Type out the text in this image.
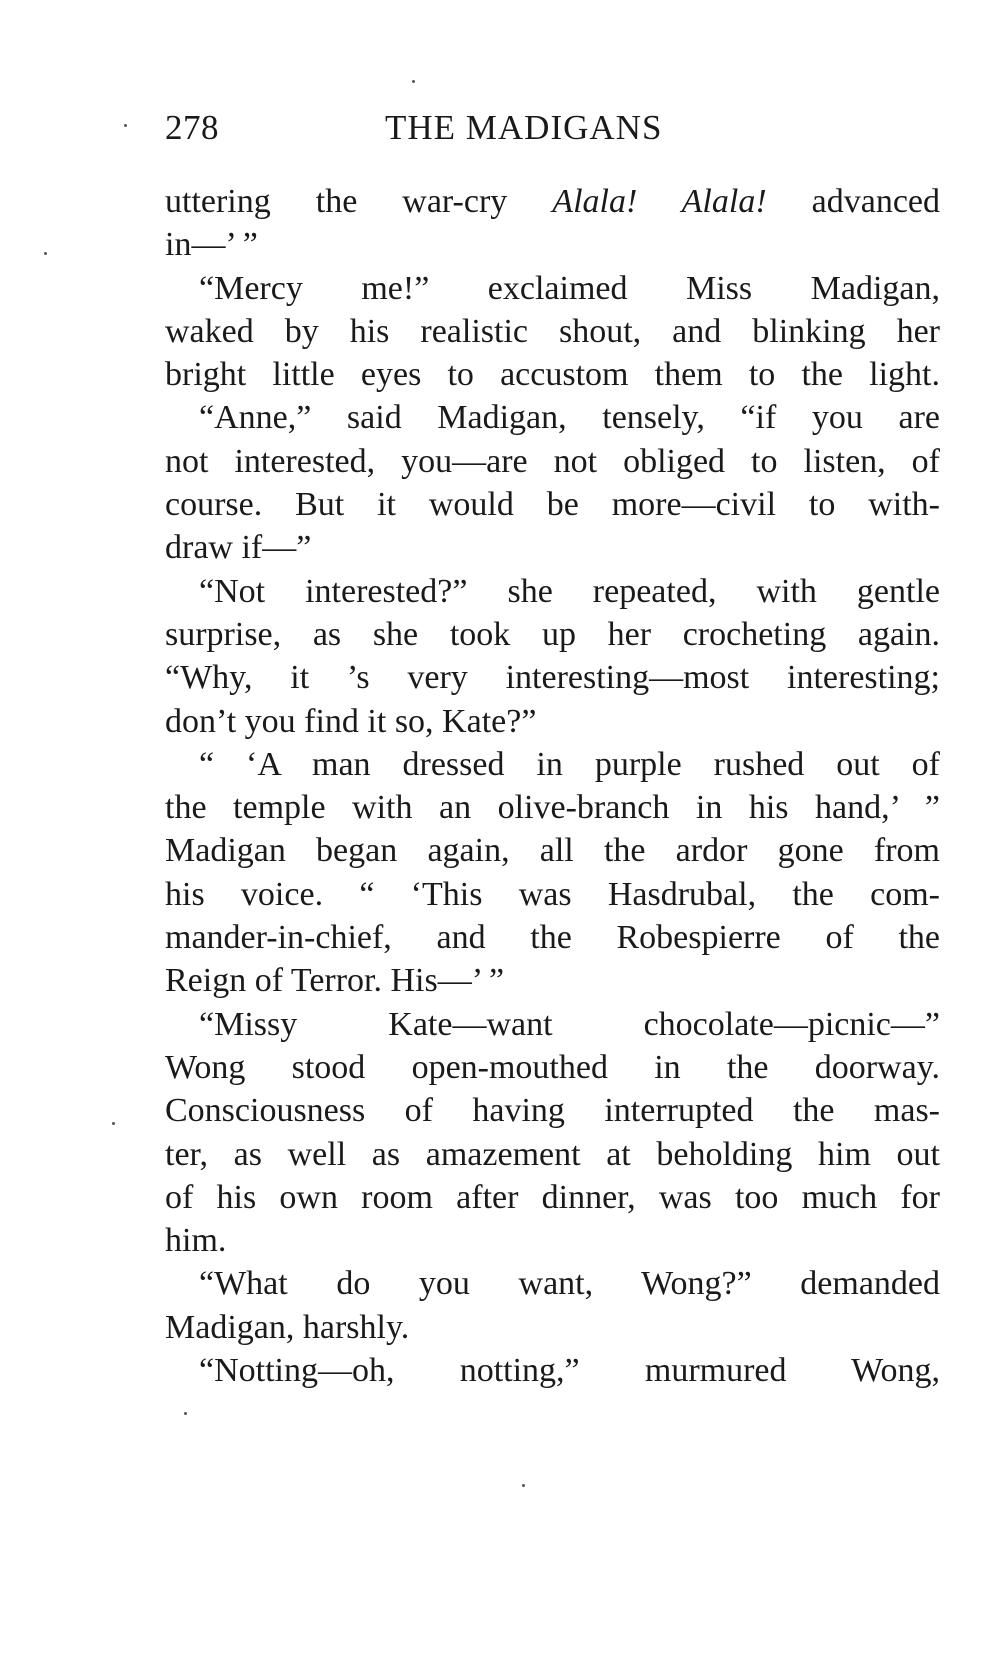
278	THE MADIGANS
uttering the war-cry Alala! Alala! advanced
in—’ ”
“Mercy me!” exclaimed Miss Madigan,
waked by his realistic shout, and blinking her
bright little eyes to accustom them to the light.
“Anne,” said Madigan, tensely, “if you are
not interested, you—are not obliged to listen, of
course. But it would be more—civil to with-
draw if—”
“Not interested?” she repeated, with gentle
surprise, as she took up her crocheting again.
“Why, it ’s very interesting—most interesting;
don’t you find it so, Kate?”
“ ‘A man dressed in purple rushed out of
the temple with an olive-branch in his hand,’ ”
Madigan began again, all the ardor gone from
his voice. “ ‘This was Hasdrubal, the com-
mander-in-chief, and the Robespierre of the
Reign of Terror. His—’ ”
“Missy Kate—want chocolate—picnic—”
Wong stood open-mouthed in the doorway.
Consciousness of having interrupted the mas-
ter, as well as amazement at beholding him out
of his own room after dinner, was too much for
him.
“What do you want, Wong?” demanded
Madigan, harshly.
“Notting—oh, notting,” murmured Wong,
